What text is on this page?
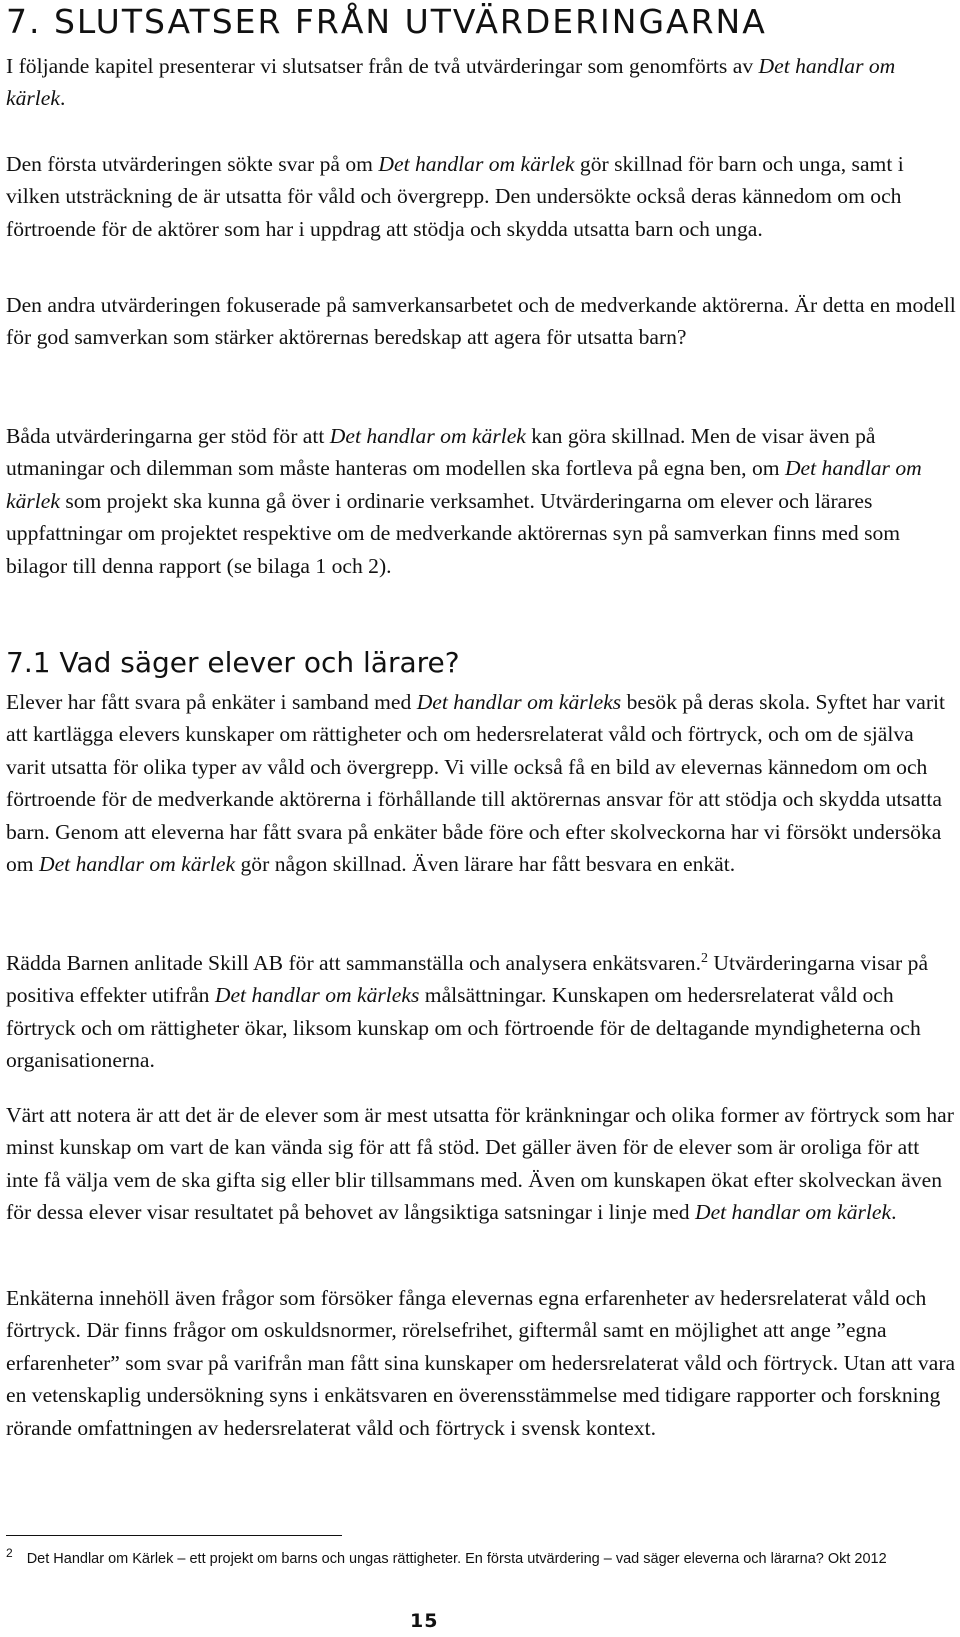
7. SLUTSATSER FRÅN UTVÄRDERINGARNA

I följande kapitel presenterar vi slutsatser från de två utvärderingar som genomförts av Det handlar om kärlek.

Den första utvärderingen sökte svar på om Det handlar om kärlek gör skillnad för barn och unga, samt i vilken utsträckning de är utsatta för våld och övergrepp. Den undersökte också deras kännedom om och förtroende för de aktörer som har i uppdrag att stödja och skydda utsatta barn och unga.

Den andra utvärderingen fokuserade på samverkansarbetet och de medverkande aktörerna. Är detta en modell för god samverkan som stärker aktörernas beredskap att agera för utsatta barn?

Båda utvärderingarna ger stöd för att Det handlar om kärlek kan göra skillnad. Men de visar även på utmaningar och dilemman som måste hanteras om modellen ska fortleva på egna ben, om Det handlar om kärlek som projekt ska kunna gå över i ordinarie verksamhet. Utvärderingarna om elever och lärares uppfattningar om projektet respektive om de medverkande aktörernas syn på samverkan finns med som bilagor till denna rapport (se bilaga 1 och 2).

7.1 Vad säger elever och lärare?

Elever har fått svara på enkäter i samband med Det handlar om kärleks besök på deras skola. Syftet har varit att kartlägga elevers kunskaper om rättigheter och om hedersrelaterat våld och förtryck, och om de själva varit utsatta för olika typer av våld och övergrepp. Vi ville också få en bild av elevernas kännedom om och förtroende för de medverkande aktörerna i förhållande till aktörernas ansvar för att stödja och skydda utsatta barn. Genom att eleverna har fått svara på enkäter både före och efter skolveckorna har vi försökt undersöka om Det handlar om kärlek gör någon skillnad. Även lärare har fått besvara en enkät.

Rädda Barnen anlitade Skill AB för att sammanställa och analysera enkätsvaren.$^2$ Utvärderingarna visar på positiva effekter utifrån Det handlar om kärleks målsättningar. Kunskapen om hedersrelaterat våld och förtryck och om rättigheter ökar, liksom kunskap om och förtroende för de deltagande myndigheterna och organisationerna.

Värt att notera är att det är de elever som är mest utsatta för kränkningar och olika former av förtryck som har minst kunskap om vart de kan vända sig för att få stöd. Det gäller även för de elever som är oroliga för att inte få välja vem de ska gifta sig eller blir tillsammans med. Även om kunskapen ökat efter skolveckan även för dessa elever visar resultatet på behovet av långsiktiga satsningar i linje med Det handlar om kärlek.

Enkäterna innehöll även frågor som försöker fånga elevernas egna erfarenheter av hedersrelaterat våld och förtryck. Där finns frågor om oskuldsnormer, rörelsefrihet, giftermål samt en möjlighet att ange ”egna erfarenheter” som svar på varifrån man fått sina kunskaper om hedersrelaterat våld och förtryck. Utan att vara en vetenskaplig undersökning syns i enkätsvaren en överensstämmelse med tidigare rapporter och forskning rörande omfattningen av hedersrelaterat våld och förtryck i svensk kontext.

$^2$ Det Handlar om Kärlek – ett projekt om barns och ungas rättigheter. En första utvärdering – vad säger eleverna och lärarna? Okt 2012
15
